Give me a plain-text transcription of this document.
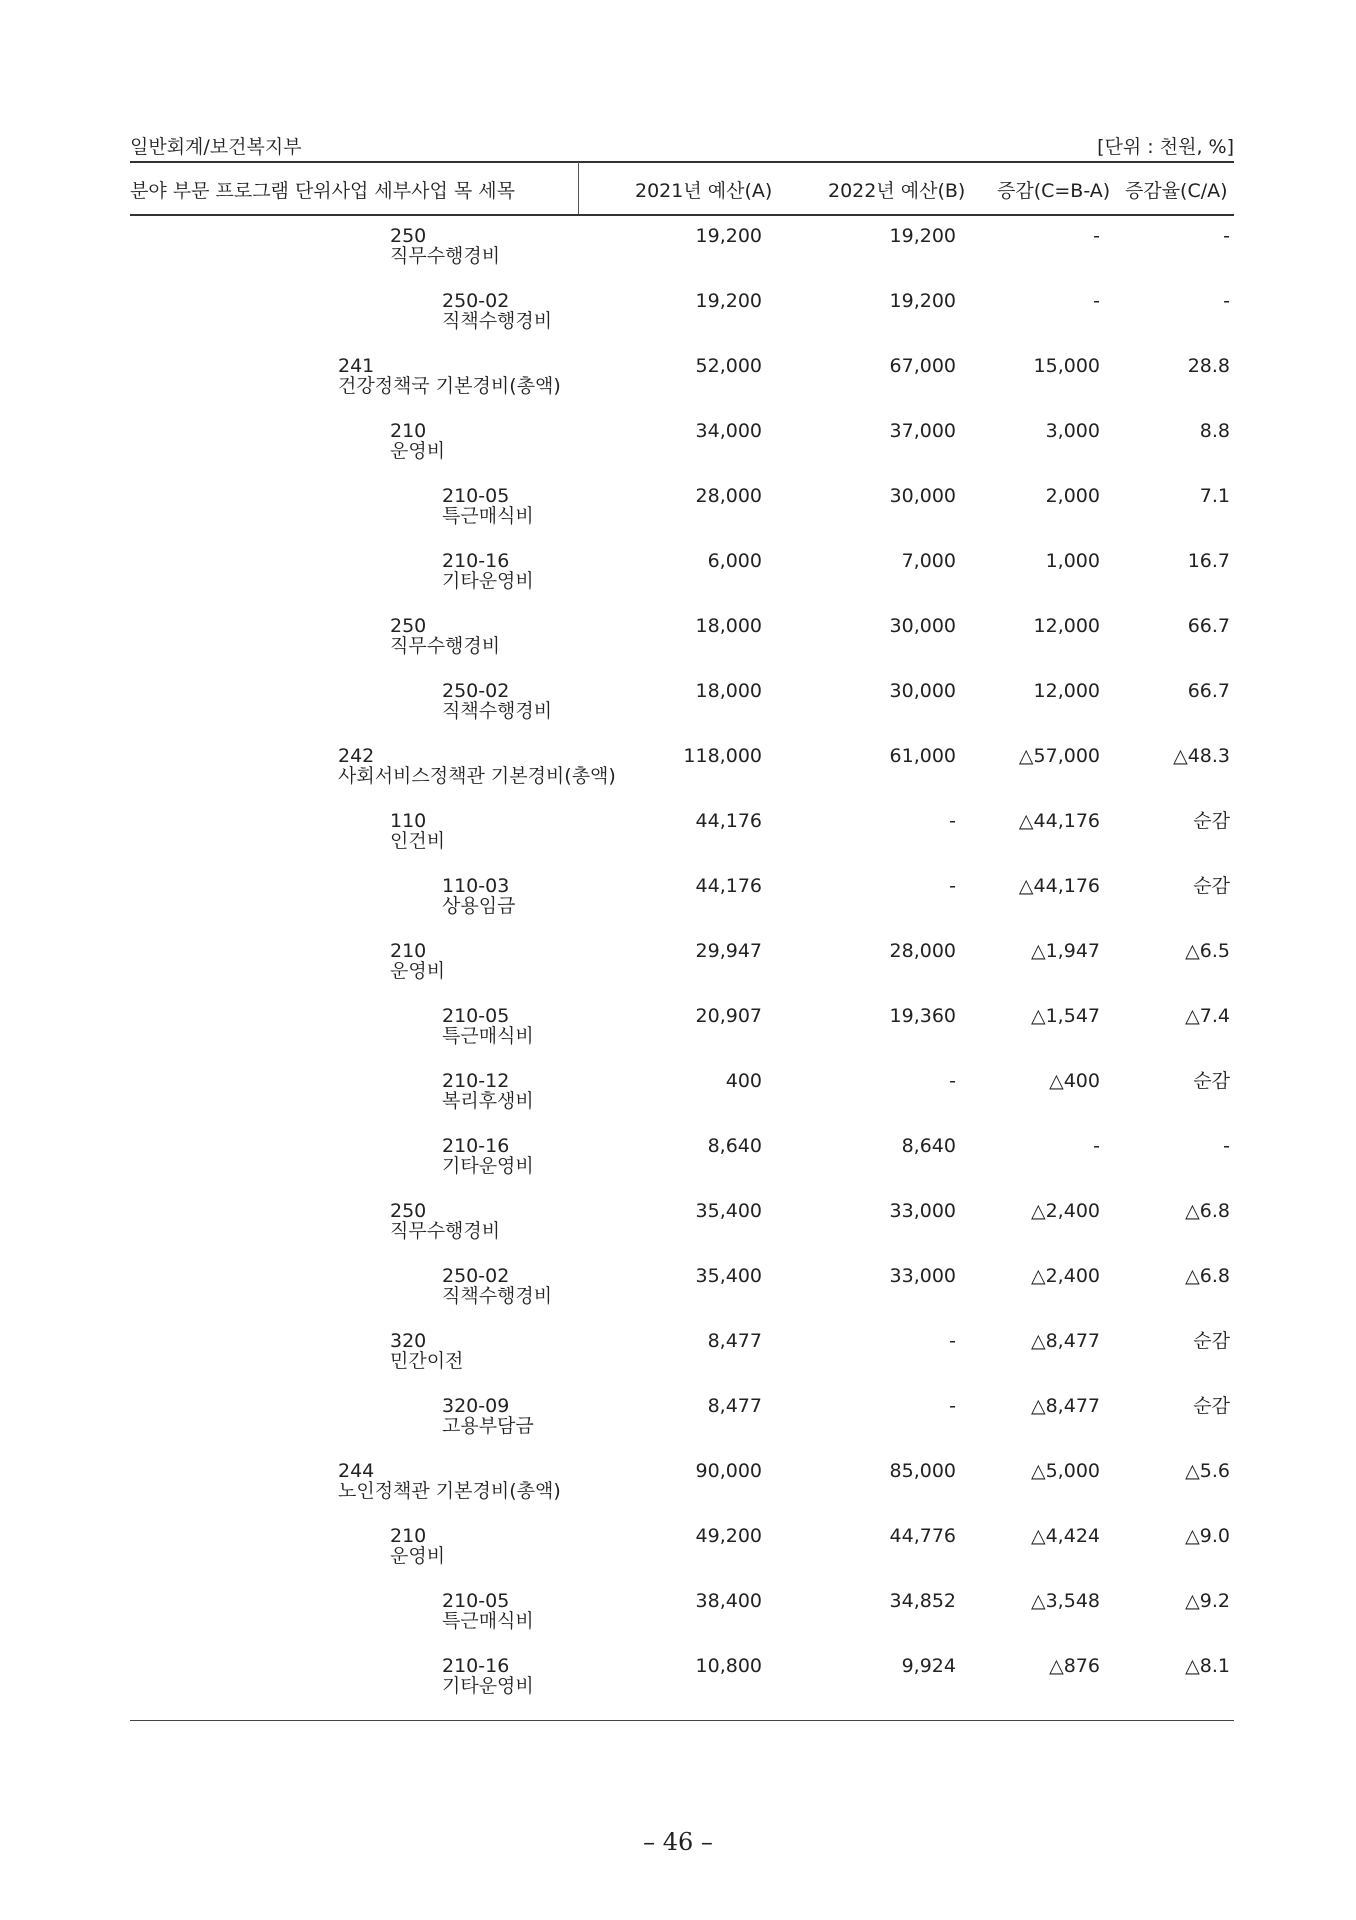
일반회계/보건복지부	[단위 : 천원, %]
분야 부문 프로그램 단위사업 세부사업 목 세목	2021년 예산(A)	2022년 예산(B) 증감(C=B-A) 증감율(C/A)
250
직무수행경비
19,200	19,200	-	-
250-02
직책수행경비
19,200	19,200	-	-
241
건강정책국 기본경비(총액)
52,000	67,000	15,000	28.8
210
운영비
34,000	37,000	3,000	8.8
210-05
특근매식비
28,000	30,000	2,000	7.1
210-16
기타운영비
6,000	7,000	1,000	16.7
250
직무수행경비
18,000	30,000	12,000	66.7
250-02
직책수행경비
18,000	30,000	12,000	66.7
242
사회서비스정책관 기본경비(총액)
118,000	61,000	△57,000	△48.3
110
인건비
44,176	-	△44,176	순감
110-03
상용임금
44,176	-	△44,176	순감
210
운영비
29,947	28,000	△1,947	△6.5
210-05
특근매식비
20,907	19,360	△1,547	△7.4
210-12
복리후생비
400	-	△400	순감
210-16
기타운영비
8,640	8,640	-	-
250
직무수행경비
35,400	33,000	△2,400	△6.8
250-02
직책수행경비
35,400	33,000	△2,400	△6.8
320
민간이전
8,477	-	△8,477	순감
320-09
고용부담금
8,477	-	△8,477	순감
244
노인정책관 기본경비(총액)
90,000	85,000	△5,000	△5.6
210
운영비
49,200	44,776	△4,424	△9.0
210-05
특근매식비
38,400	34,852	△3,548	△9.2
210-16
기타운영비
10,800	9,924	△876	△8.1
– 46 –
